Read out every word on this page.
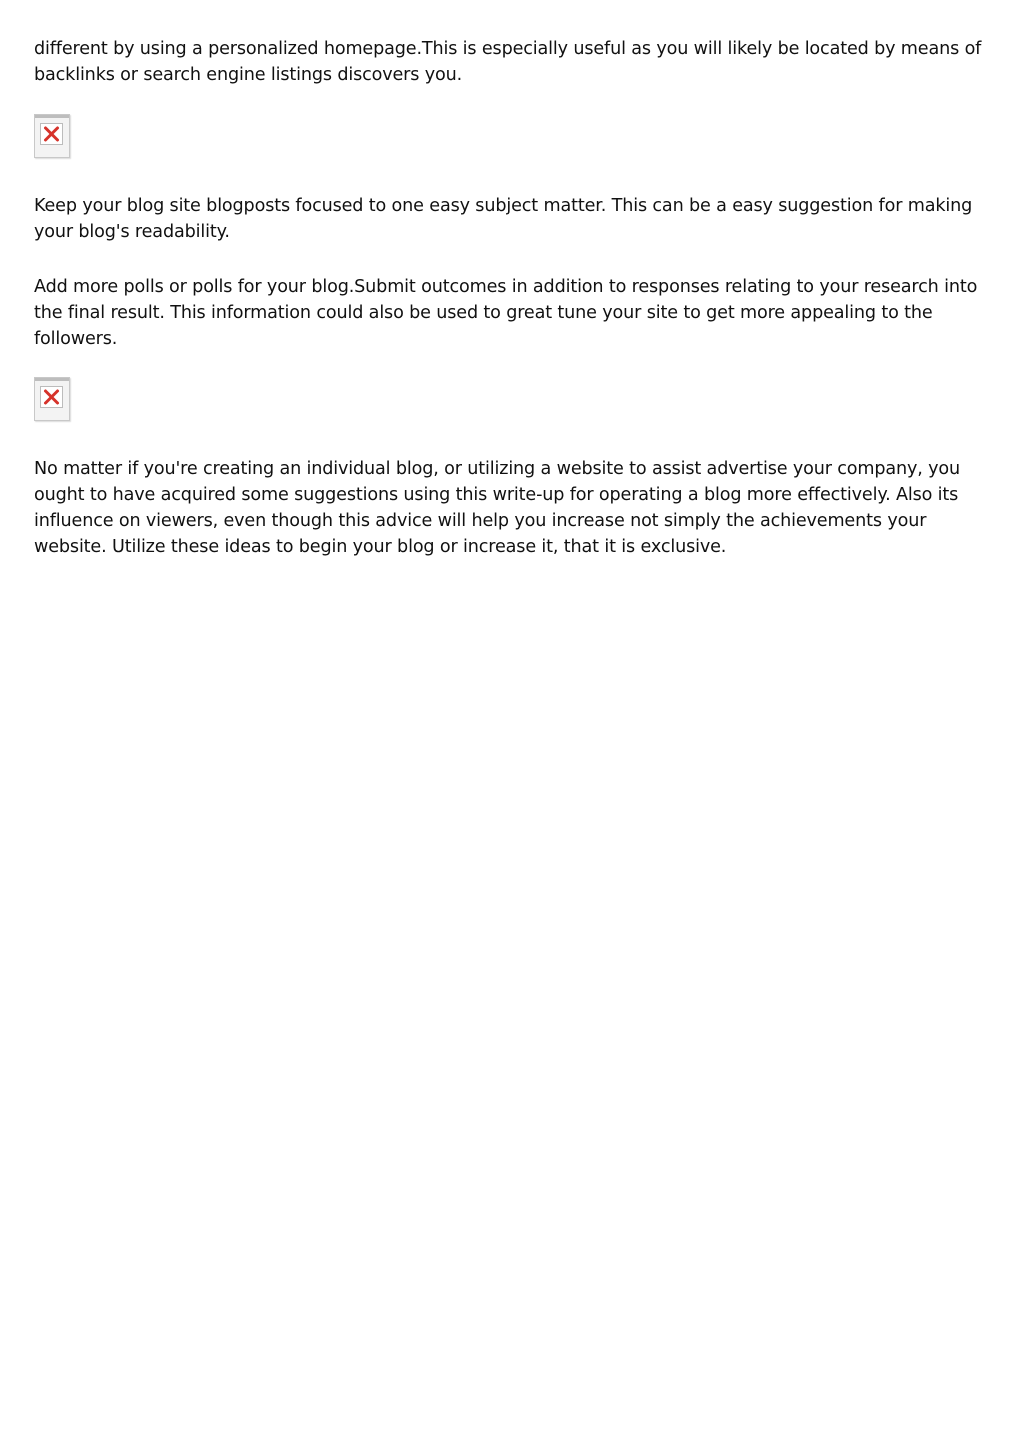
different by using a personalized homepage.This is especially useful as you will likely be located by means of backlinks or search engine listings discovers you.

Keep your blog site blogposts focused to one easy subject matter. This can be a easy suggestion for making your blog's readability.

Add more polls or polls for your blog.Submit outcomes in addition to responses relating to your research into the final result. This information could also be used to great tune your site to get more appealing to the followers.

No matter if you're creating an individual blog, or utilizing a website to assist advertise your company, you ought to have acquired some suggestions using this write-up for operating a blog more effectively. Also its influence on viewers, even though this advice will help you increase not simply the achievements your website. Utilize these ideas to begin your blog or increase it, that it is exclusive.
